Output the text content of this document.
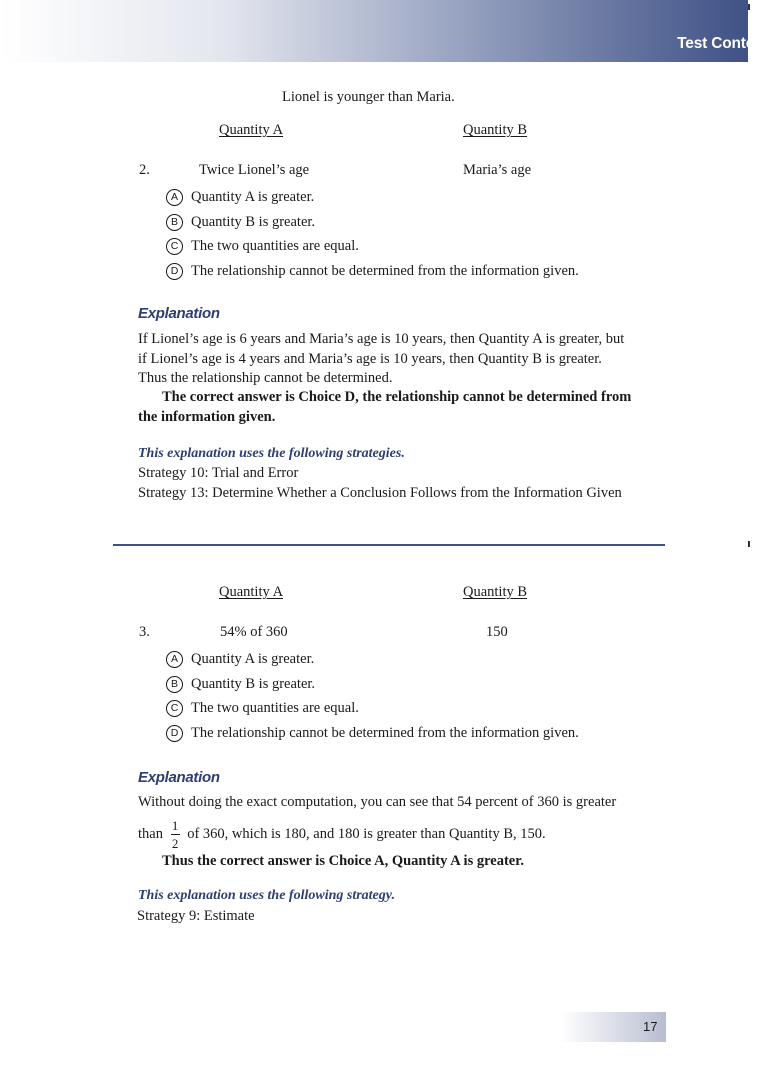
Test Content
Lionel is younger than Maria.
Quantity A	Quantity B
2.	Twice Lionel’s age	Maria’s age
A Quantity A is greater.
B Quantity B is greater.
C The two quantities are equal.
D The relationship cannot be determined from the information given.
Explanation
If Lionel’s age is 6 years and Maria’s age is 10 years, then Quantity A is greater, but
if Lionel’s age is 4 years and Maria’s age is 10 years, then Quantity B is greater.
Thus the relationship cannot be determined.
The correct answer is Choice D, the relationship cannot be determined from
the information given.
This explanation uses the following strategies.
Strategy 10: Trial and Error
Strategy 13: Determine Whether a Conclusion Follows from the Information Given
Quantity A	Quantity B
3.	54% of 360	150
A Quantity A is greater.
B Quantity B is greater.
C The two quantities are equal.
D The relationship cannot be determined from the information given.
Explanation
Without doing the exact computation, you can see that 54 percent of 360 is greater
than $\frac{1}{2}$ of 360, which is 180, and 180 is greater than Quantity B, 150.
Thus the correct answer is Choice A, Quantity A is greater.
This explanation uses the following strategy.
Strategy 9: Estimate
17
